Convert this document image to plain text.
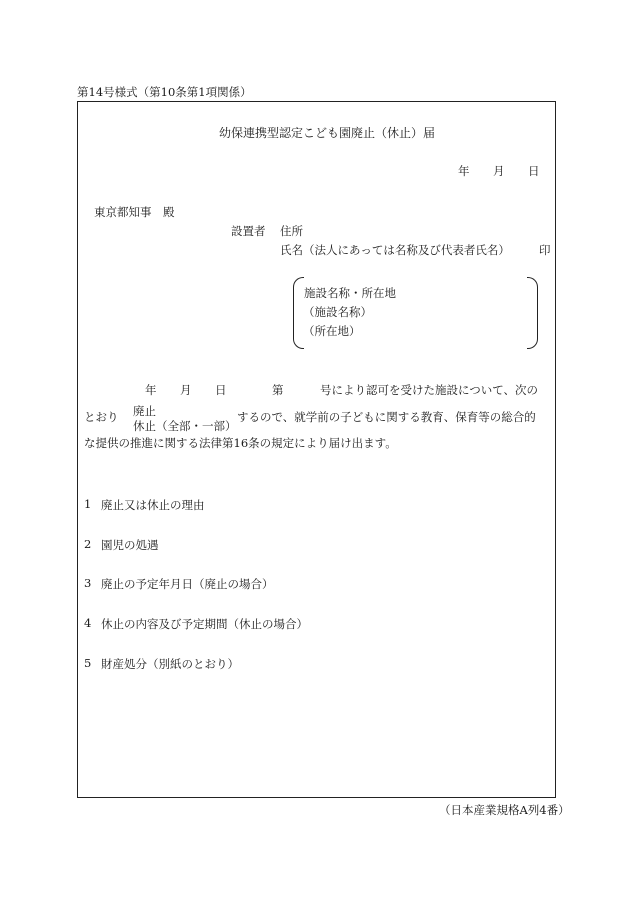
第14号様式（第10条第1項関係）
幼保連携型認定こども園廃止（休止）届
年 月 日
東京都知事　殿
設置者 住所
氏名（法人にあっては名称及び代表者氏名）	印
施設名称・所在地
（施設名称）
（所在地）
年 月 日	第	号により認可を受けた施設について、次の
とおり 廃止
休止（全部・一部）
するので、就学前の子どもに関する教育、保育等の総合的
な提供の推進に関する法律第16条の規定により届け出ます。
1 廃止又は休止の理由
2 園児の処遇
3 廃止の予定年月日（廃止の場合）
4 休止の内容及び予定期間（休止の場合）
5 財産処分（別紙のとおり）
（日本産業規格A列4番）
